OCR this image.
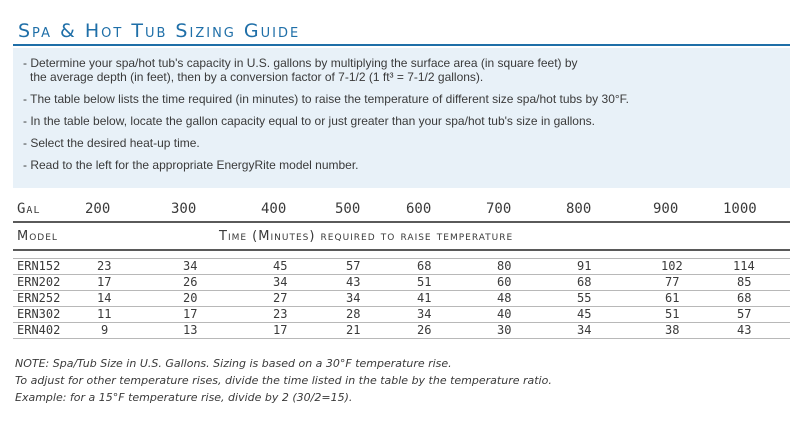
Spa & Hot Tub Sizing Guide
- Determine your spa/hot tub's capacity in U.S. gallons by multiplying the surface area (in square feet) by
the average depth (in feet), then by a conversion factor of 7-1/2 (1 ft³ = 7-1/2 gallons).
- The table below lists the time required (in minutes) to raise the temperature of different size spa/hot tubs by 30°F.
- In the table below, locate the gallon capacity equal to or just greater than your spa/hot tub's size in gallons.
- Select the desired heat-up time.
- Read to the left for the appropriate EnergyRite model number.
Gal	200	300	400	500	600	700	800	900	1000
Model	Time (Minutes) required to raise temperature
ERN152	23	34	45	57	68	80	91	102	114
ERN202	17	26	34	43	51	60	68	77	85
ERN252	14	20	27	34	41	48	55	61	68
ERN302	11	17	23	28	34	40	45	51	57
ERN402	9	13	17	21	26	30	34	38	43
NOTE: Spa/Tub Size in U.S. Gallons. Sizing is based on a 30°F temperature rise.
To adjust for other temperature rises, divide the time listed in the table by the temperature ratio.
Example: for a 15°F temperature rise, divide by 2 (30/2=15).
